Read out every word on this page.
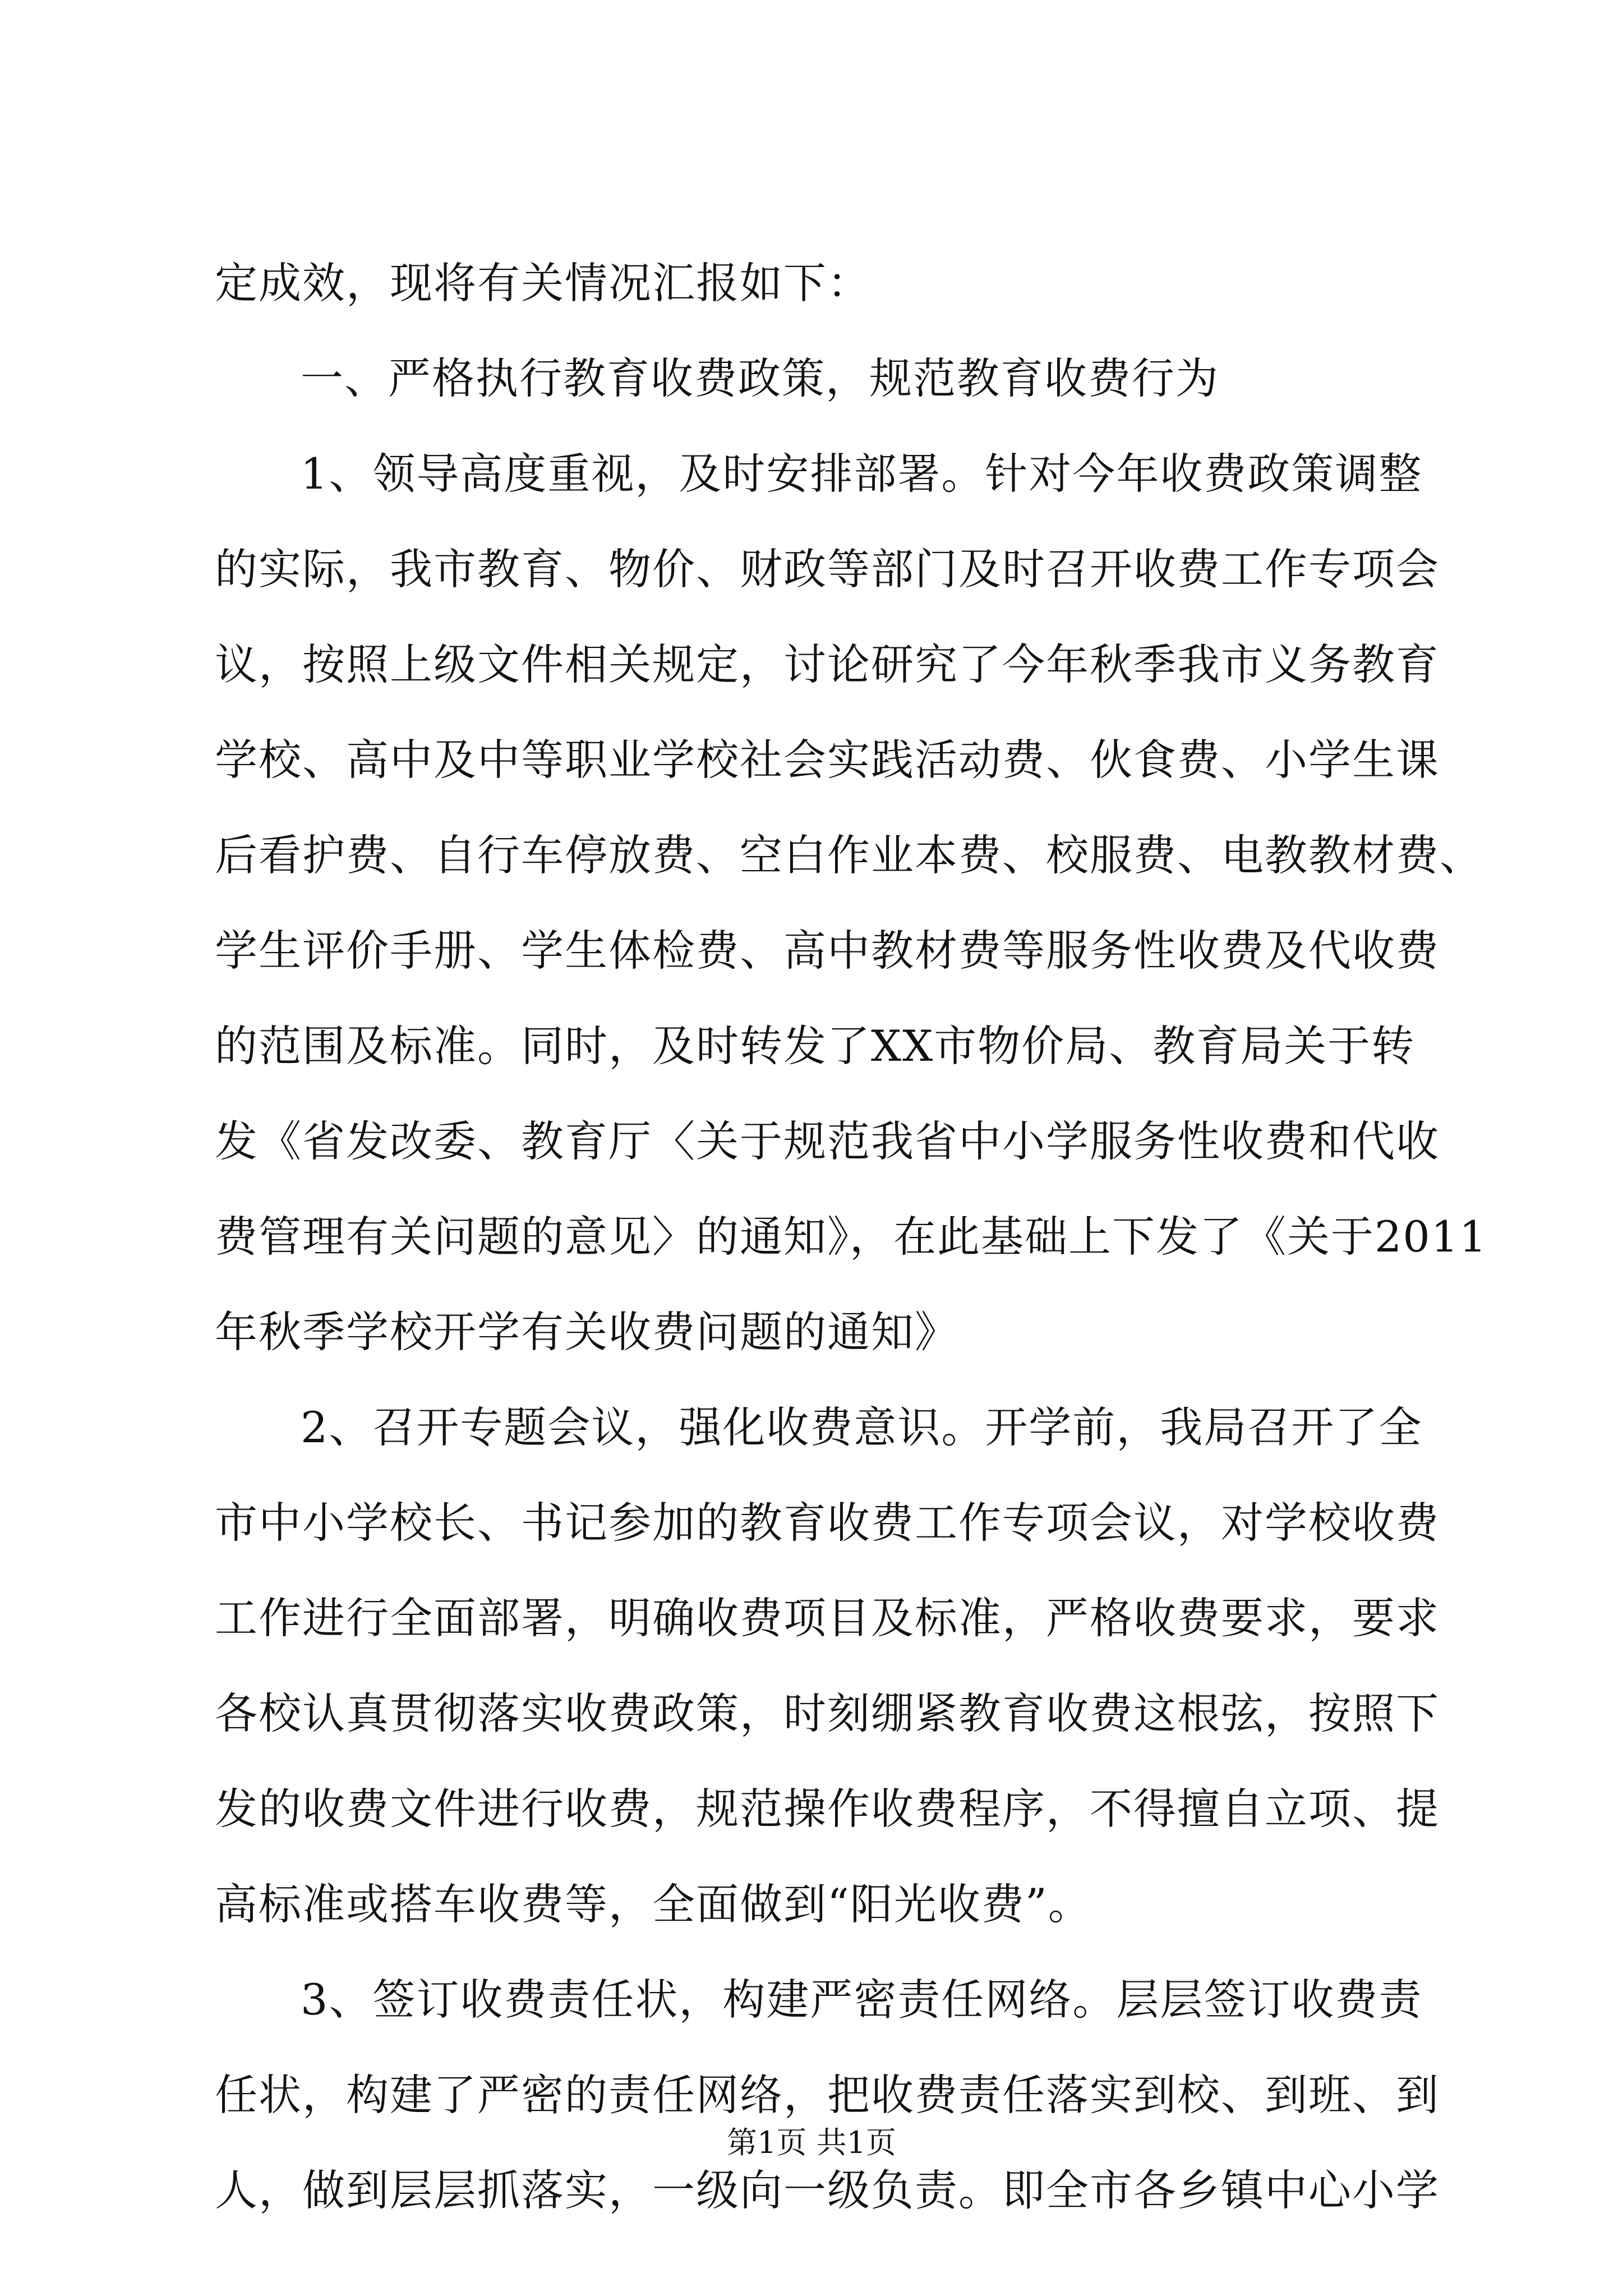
定成效，现将有关情况汇报如下：
一、严格执行教育收费政策，规范教育收费行为
1、领导高度重视，及时安排部署。针对今年收费政策调整
的实际，我市教育、物价、财政等部门及时召开收费工作专项会
议，按照上级文件相关规定，讨论研究了今年秋季我市义务教育
学校、高中及中等职业学校社会实践活动费、伙食费、小学生课
后看护费、自行车停放费、空白作业本费、校服费、电教教材费、
学生评价手册、学生体检费、高中教材费等服务性收费及代收费
的范围及标准。同时，及时转发了XX市物价局、教育局关于转
发《省发改委、教育厅〈关于规范我省中小学服务性收费和代收
费管理有关问题的意见〉的通知》，在此基础上下发了《关于2011
年秋季学校开学有关收费问题的通知》
2、召开专题会议，强化收费意识。开学前，我局召开了全
市中小学校长、书记参加的教育收费工作专项会议，对学校收费
工作进行全面部署，明确收费项目及标准，严格收费要求，要求
各校认真贯彻落实收费政策，时刻绷紧教育收费这根弦，按照下
发的收费文件进行收费，规范操作收费程序，不得擅自立项、提
高标准或搭车收费等，全面做到“阳光收费”。
3、签订收费责任状，构建严密责任网络。层层签订收费责
任状，构建了严密的责任网络，把收费责任落实到校、到班、到
人，做到层层抓落实，一级向一级负责。即全市各乡镇中心小学
第1页 共1页
